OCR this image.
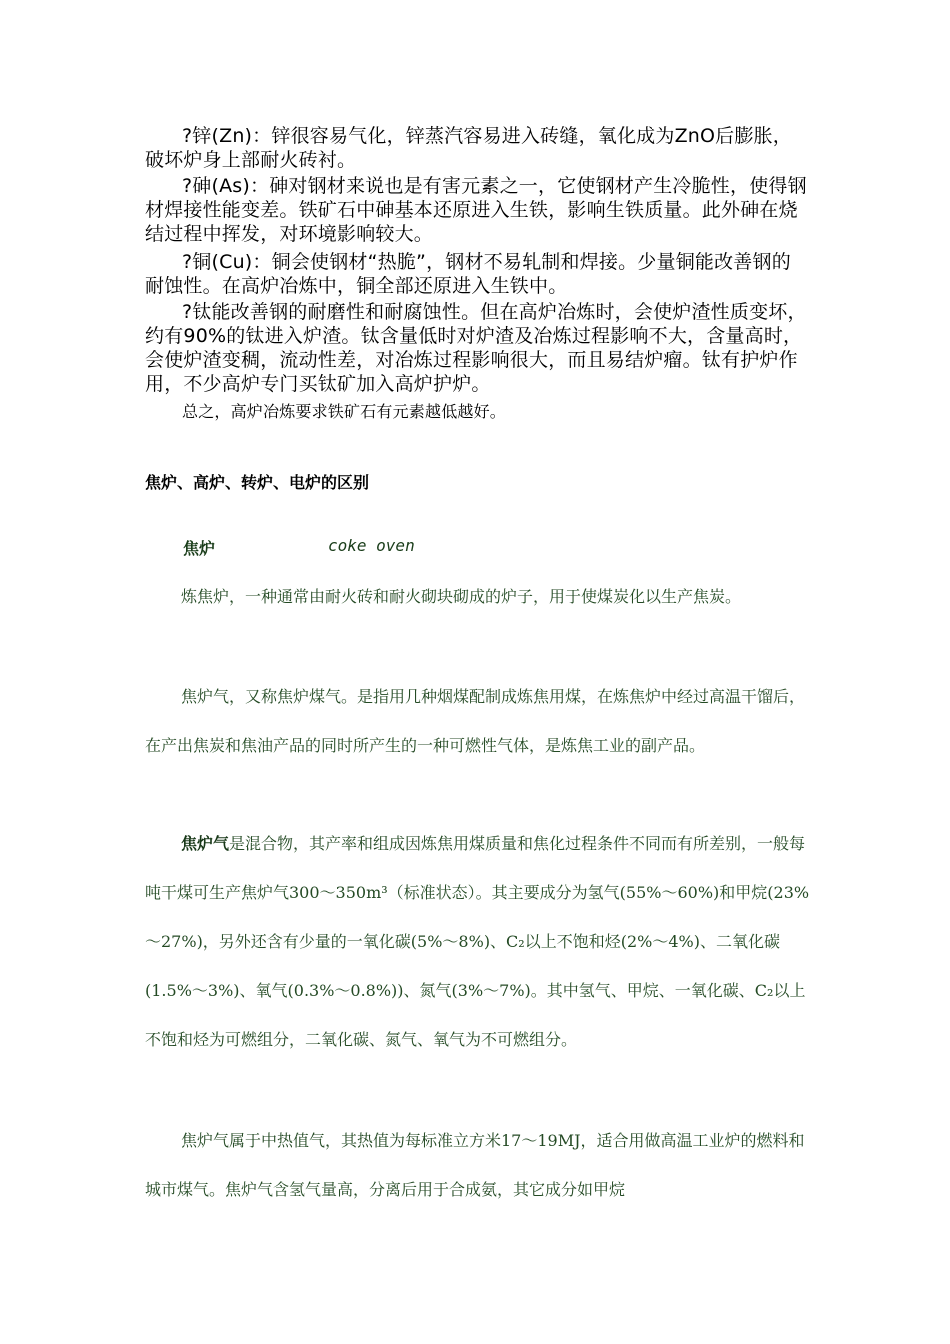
?锌(Zn)：锌很容易气化，锌蒸汽容易进入砖缝，氧化成为ZnO后膨胀，破坏炉身上部耐火砖衬。

?砷(As)：砷对钢材来说也是有害元素之一，它使钢材产生冷脆性，使得钢材焊接性能变差。铁矿石中砷基本还原进入生铁，影响生铁质量。此外砷在烧结过程中挥发，对环境影响较大。

?铜(Cu)：铜会使钢材“热脆”，钢材不易轧制和焊接。少量铜能改善钢的耐蚀性。在高炉冶炼中，铜全部还原进入生铁中。

?钛能改善钢的耐磨性和耐腐蚀性。但在高炉冶炼时，会使炉渣性质变坏，约有90%的钛进入炉渣。钛含量低时对炉渣及冶炼过程影响不大，含量高时，会使炉渣变稠，流动性差，对冶炼过程影响很大，而且易结炉瘤。钛有护炉作用，不少高炉专门买钛矿加入高炉护炉。

总之，高炉冶炼要求铁矿石有元素越低越好。

焦炉、高炉、转炉、电炉的区别
焦炉	coke oven

炼焦炉，一种通常由耐火砖和耐火砌块砌成的炉子，用于使煤炭化以生产焦炭。

焦炉气，又称焦炉煤气。是指用几种烟煤配制成炼焦用煤，在炼焦炉中经过高温干馏后，在产出焦炭和焦油产品的同时所产生的一种可燃性气体，是炼焦工业的副产品。

焦炉气是混合物，其产率和组成因炼焦用煤质量和焦化过程条件不同而有所差别，一般每吨干煤可生产焦炉气300～350m³（标准状态）。其主要成分为氢气(55%～60%)和甲烷(23%～27%)，另外还含有少量的一氧化碳(5%～8%)、C₂以上不饱和烃(2%～4%)、二氧化碳(1.5%～3%)、氧气(0.3%～0.8%))、氮气(3%～7%)。其中氢气、甲烷、一氧化碳、C₂以上不饱和烃为可燃组分，二氧化碳、氮气、氧气为不可燃组分。

焦炉气属于中热值气，其热值为每标准立方米17～19MJ，适合用做高温工业炉的燃料和城市煤气。焦炉气含氢气量高，分离后用于合成氨，其它成分如甲烷
